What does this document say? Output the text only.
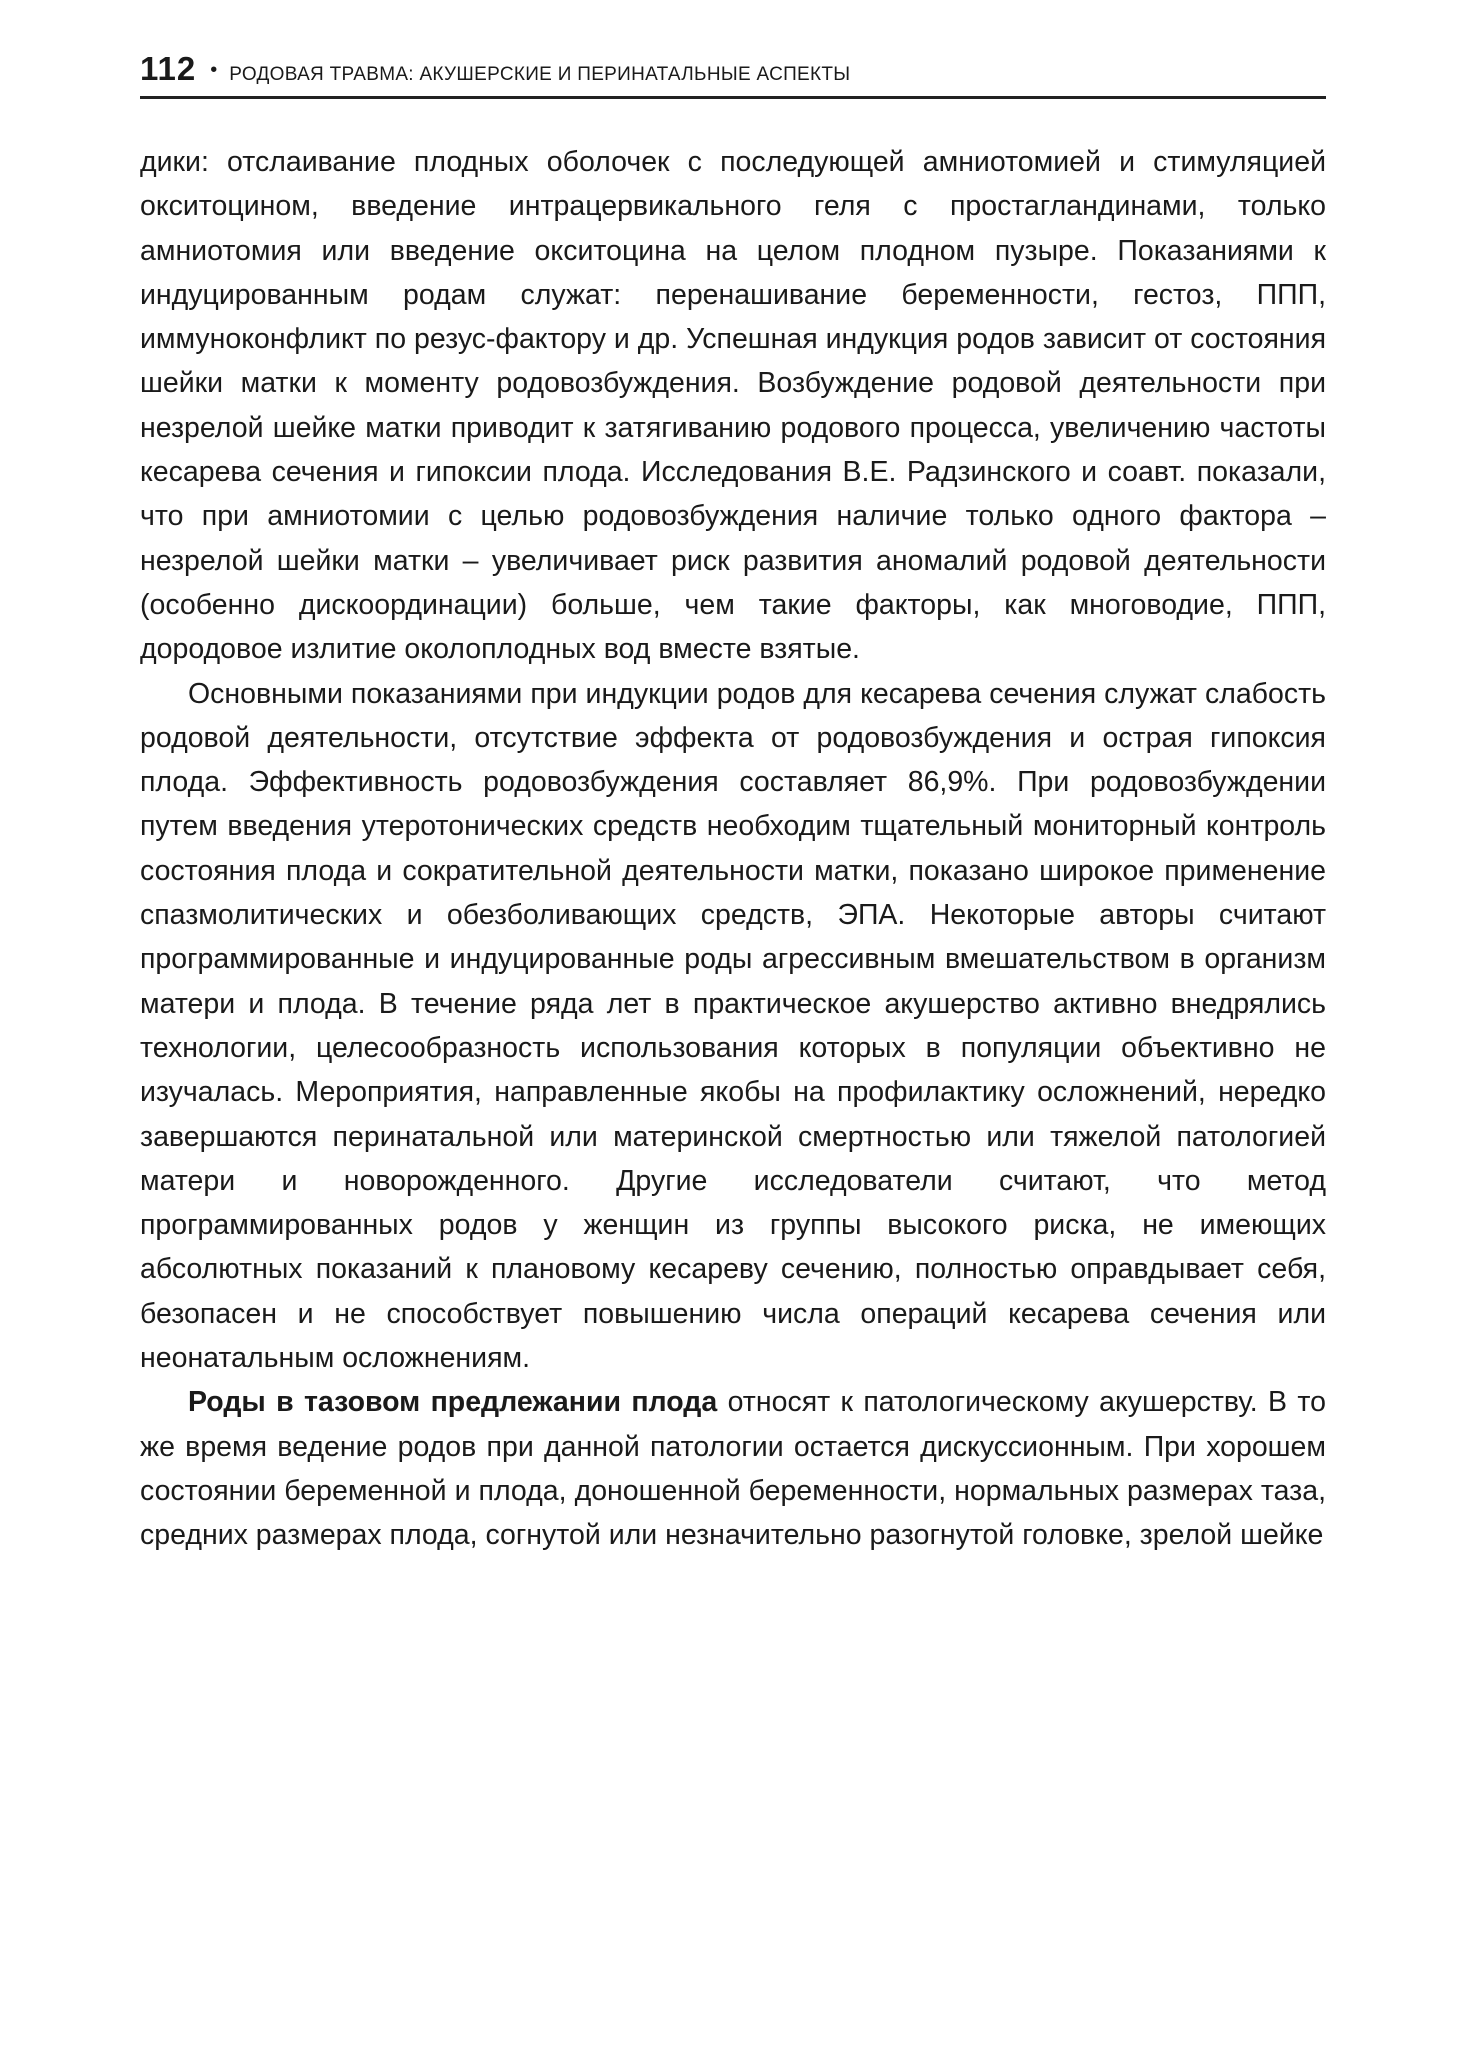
112 • РОДОВАЯ ТРАВМА: АКУШЕРСКИЕ И ПЕРИНАТАЛЬНЫЕ АСПЕКТЫ

дики: отслаивание плодных оболочек с последующей амниотомией и стимуляцией окситоцином, введение интрацервикального геля с простагландинами, только амниотомия или введение окситоцина на целом плодном пузыре. Показаниями к индуцированным родам служат: перенашивание беременности, гестоз, ППП, иммуноконфликт по резус-фактору и др. Успешная индукция родов зависит от состояния шейки матки к моменту родовозбуждения. Возбуждение родовой деятельности при незрелой шейке матки приводит к затягиванию родового процесса, увеличению частоты кесарева сечения и гипоксии плода. Исследования В.Е. Радзинского и соавт. показали, что при амниотомии с целью родовозбуждения наличие только одного фактора – незрелой шейки матки – увеличивает риск развития аномалий родовой деятельности (особенно дискоординации) больше, чем такие факторы, как многоводие, ППП, дородовое излитие околоплодных вод вместе взятые.

Основными показаниями при индукции родов для кесарева сечения служат слабость родовой деятельности, отсутствие эффекта от родовозбуждения и острая гипоксия плода. Эффективность родовозбуждения составляет 86,9%. При родовозбуждении путем введения утеротонических средств необходим тщательный мониторный контроль состояния плода и сократительной деятельности матки, показано широкое применение спазмолитических и обезболивающих средств, ЭПА. Некоторые авторы считают программированные и индуцированные роды агрессивным вмешательством в организм матери и плода. В течение ряда лет в практическое акушерство активно внедрялись технологии, целесообразность использования которых в популяции объективно не изучалась. Мероприятия, направленные якобы на профилактику осложнений, нередко завершаются перинатальной или материнской смертностью или тяжелой патологией матери и новорожденного. Другие исследователи считают, что метод программированных родов у женщин из группы высокого риска, не имеющих абсолютных показаний к плановому кесареву сечению, полностью оправдывает себя, безопасен и не способствует повышению числа операций кесарева сечения или неонатальным осложнениям.

Роды в тазовом предлежании плода относят к патологическому акушерству. В то же время ведение родов при данной патологии остается дискуссионным. При хорошем состоянии беременной и плода, доношенной беременности, нормальных размерах таза, средних размерах плода, согнутой или незначительно разогнутой головке, зрелой шейке
